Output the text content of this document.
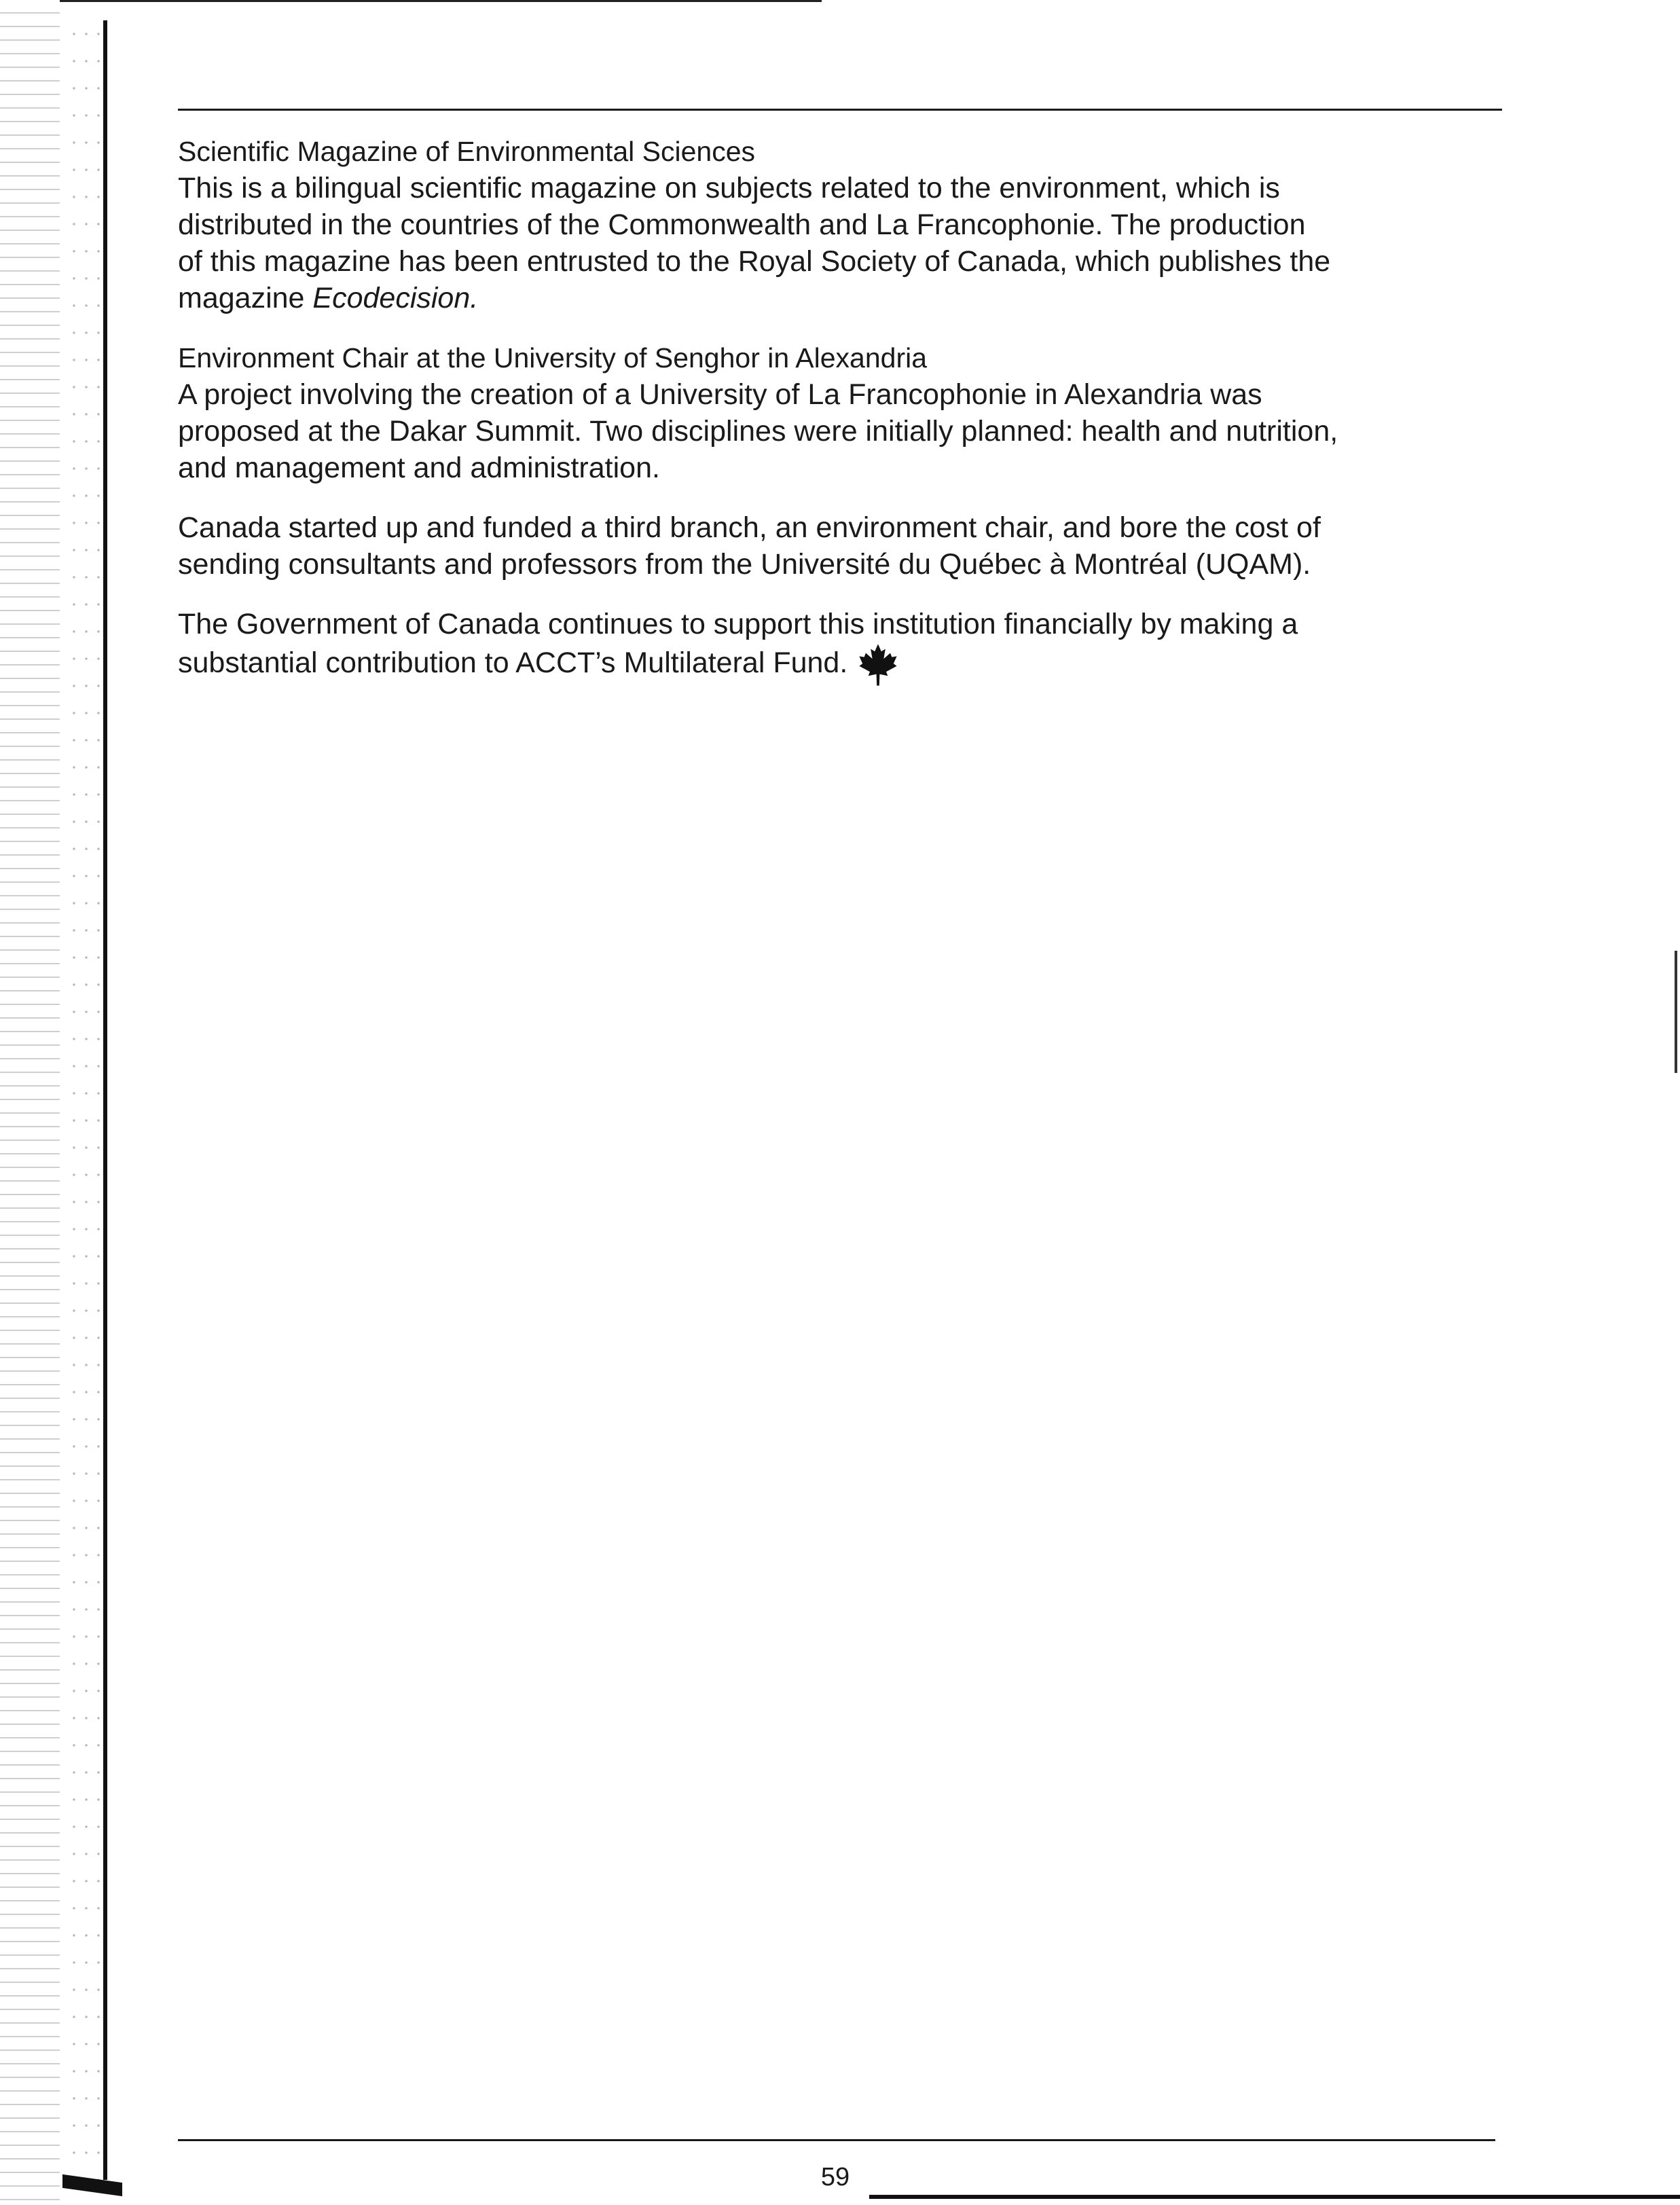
Scientific Magazine of Environmental Sciences
This is a bilingual scientific magazine on subjects related to the environment, which is
distributed in the countries of the Commonwealth and La Francophonie. The production
of this magazine has been entrusted to the Royal Society of Canada, which publishes the
magazine Ecodecision.
Environment Chair at the University of Senghor in Alexandria
A project involving the creation of a University of La Francophonie in Alexandria was
proposed at the Dakar Summit. Two disciplines were initially planned: health and nutrition,
and management and administration.
Canada started up and funded a third branch, an environment chair, and bore the cost of
sending consultants and professors from the Université du Québec à Montréal (UQAM).
The Government of Canada continues to support this institution financially by making a
substantial contribution to ACCT’s Multilateral Fund.
59
